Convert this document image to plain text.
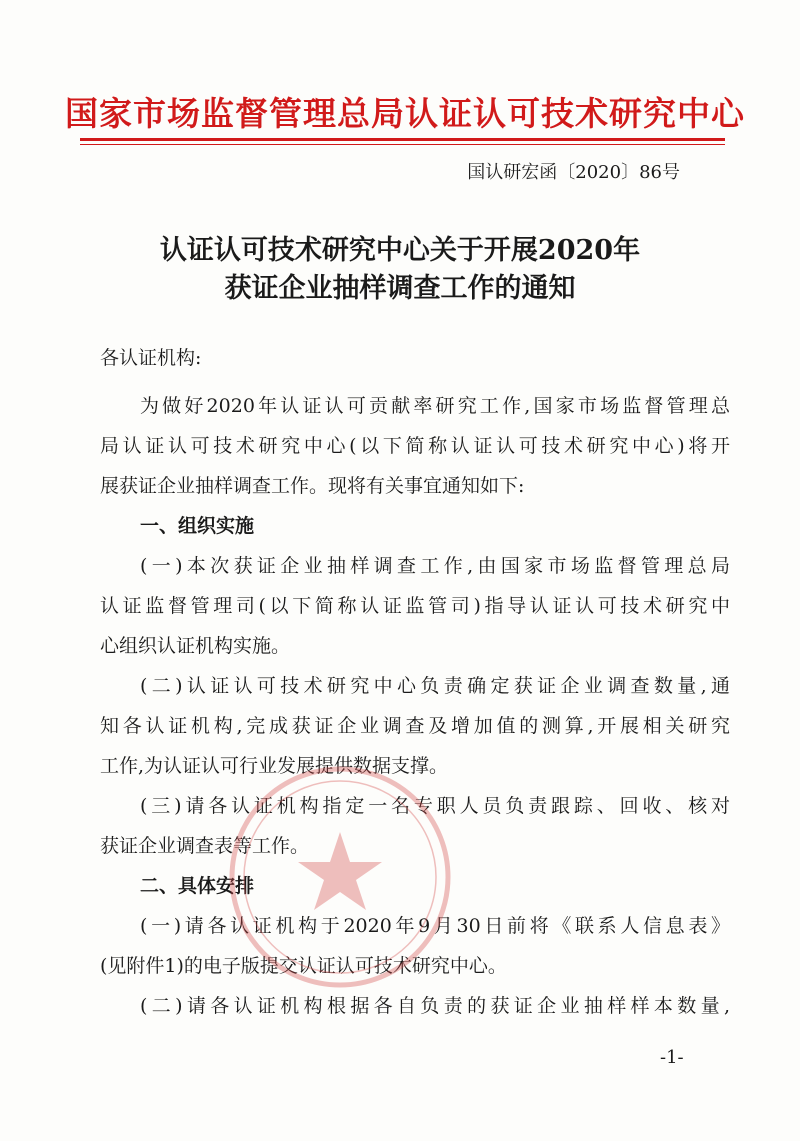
国家市场监督管理总局认证认可技术研究中心
国认研宏函〔2020〕86号
认证认可技术研究中心关于开展2020年
获证企业抽样调查工作的通知
各认证机构:
为做好2020年认证认可贡献率研究工作,国家市场监督管理总
局认证认可技术研究中心(以下简称认证认可技术研究中心)将开
展获证企业抽样调查工作。现将有关事宜通知如下:
一、组织实施
(一)本次获证企业抽样调查工作,由国家市场监督管理总局
认证监督管理司(以下简称认证监管司)指导认证认可技术研究中
心组织认证机构实施。
(二)认证认可技术研究中心负责确定获证企业调查数量,通
知各认证机构,完成获证企业调查及增加值的测算,开展相关研究
工作,为认证认可行业发展提供数据支撑。
(三)请各认证机构指定一名专职人员负责跟踪、回收、核对
获证企业调查表等工作。
二、具体安排
(一)请各认证机构于2020年9月30日前将《联系人信息表》
(见附件1)的电子版提交认证认可技术研究中心。
(二)请各认证机构根据各自负责的获证企业抽样样本数量,
-1-
